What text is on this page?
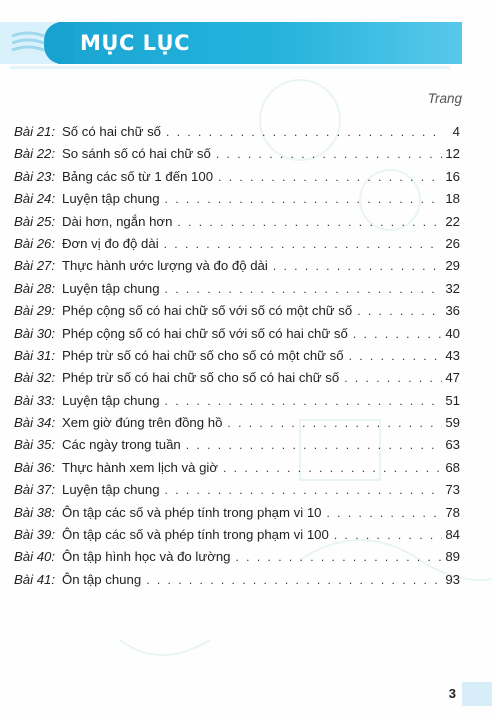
MỤC LỤC
Trang
Bài 21: Số có hai chữ số . . .	4
Bài 22: So sánh số có hai chữ số . . .	12
Bài 23: Bảng các số từ 1 đến 100 . . .	16
Bài 24: Luyện tập chung . . .	18
Bài 25: Dài hơn, ngắn hơn . . .	22
Bài 26: Đơn vị đo độ dài . . .	26
Bài 27: Thực hành ước lượng và đo độ dài . . .	29
Bài 28: Luyện tập chung . . .	32
Bài 29: Phép cộng số có hai chữ số với số có một chữ số . . .	36
Bài 30: Phép cộng số có hai chữ số với số có hai chữ số . . .	40
Bài 31: Phép trừ số có hai chữ số cho số có một chữ số . . .	43
Bài 32: Phép trừ số có hai chữ số cho số có hai chữ số . . .	47
Bài 33: Luyện tập chung . . .	51
Bài 34: Xem giờ đúng trên đồng hồ . . .	59
Bài 35: Các ngày trong tuần . . .	63
Bài 36: Thực hành xem lịch và giờ . . .	68
Bài 37: Luyện tập chung . . .	73
Bài 38: Ôn tập các số và phép tính trong phạm vi 10 . . .	78
Bài 39: Ôn tập các số và phép tính trong phạm vi 100 . . .	84
Bài 40: Ôn tập hình học và đo lường . . .	89
Bài 41: Ôn tập chung . . .	93
3
